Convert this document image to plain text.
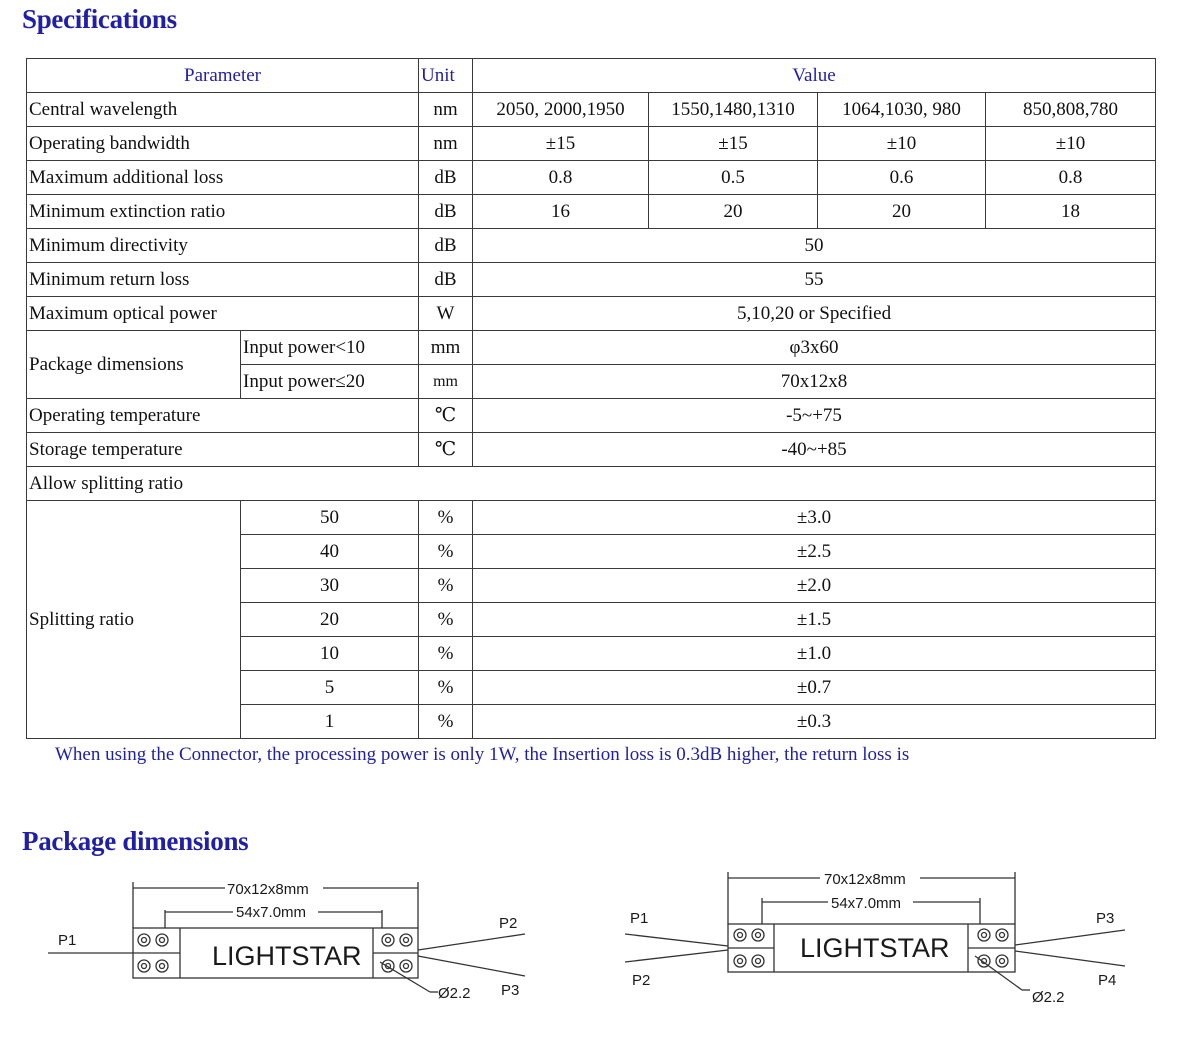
Specifications
Parameter		Unit	Value			
Central wavelength		nm	2050, 2000,1950	1550,1480,1310	1064,1030, 980	850,808,780
Operating bandwidth		nm	±15	±15	±10	±10
Maximum additional loss		dB	0.8	0.5	0.6	0.8
Minimum extinction ratio		dB	16	20	20	18
Minimum directivity		dB	50			
Minimum return loss		dB	55			
Maximum optical power		W	5,10,20 or Specified			
Package dimensions	Input power<10	mm	φ3x60			
	Input power≤20	mm	70x12x8			
Operating temperature		℃	-5~+75			
Storage temperature		℃	-40~+85			
Allow splitting ratio						
Splitting ratio	50	%	±3.0			
	40	%	±2.5			
	30	%	±2.0			
	20	%	±1.5			
	10	%	±1.0			
	5	%	±0.7			
	1	%	±0.3			
When using the Connector, the processing power is only 1W, the Insertion loss is 0.3dB higher, the return loss is
Package dimensions
70x12x8mm
54x7.0mm
LIGHTSTAR
Ø2.2
P1
P2
P3
70x12x8mm
54x7.0mm
LIGHTSTAR
Ø2.2
P1
P2
P3
P4
